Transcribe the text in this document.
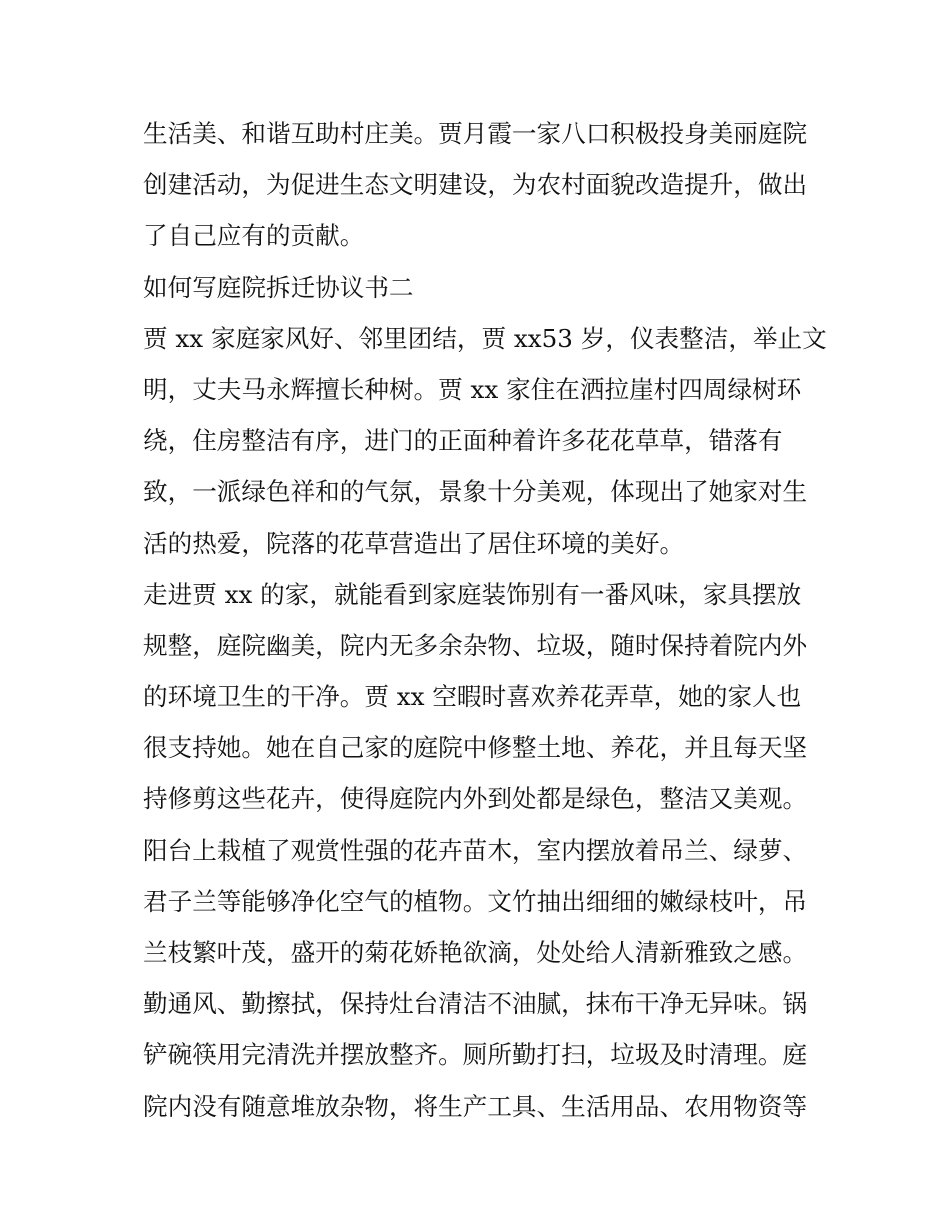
生活美、和谐互助村庄美。贾月霞一家八口积极投身美丽庭院
创建活动，为促进生态文明建设，为农村面貌改造提升，做出
了自己应有的贡献。
如何写庭院拆迁协议书二
贾 xx 家庭家风好、邻里团结，贾 xx53 岁，仪表整洁，举止文
明，丈夫马永辉擅长种树。贾 xx 家住在洒拉崖村四周绿树环
绕，住房整洁有序，进门的正面种着许多花花草草，错落有
致，一派绿色祥和的气氛，景象十分美观，体现出了她家对生
活的热爱，院落的花草营造出了居住环境的美好。
走进贾 xx 的家，就能看到家庭装饰别有一番风味，家具摆放
规整，庭院幽美，院内无多余杂物、垃圾，随时保持着院内外
的环境卫生的干净。贾 xx 空暇时喜欢养花弄草，她的家人也
很支持她。她在自己家的庭院中修整土地、养花，并且每天坚
持修剪这些花卉，使得庭院内外到处都是绿色，整洁又美观。
阳台上栽植了观赏性强的花卉苗木，室内摆放着吊兰、绿萝、
君子兰等能够净化空气的植物。文竹抽出细细的嫩绿枝叶，吊
兰枝繁叶茂，盛开的菊花娇艳欲滴，处处给人清新雅致之感。
勤通风、勤擦拭，保持灶台清洁不油腻，抹布干净无异味。锅
铲碗筷用完清洗并摆放整齐。厕所勤打扫，垃圾及时清理。庭
院内没有随意堆放杂物，将生产工具、生活用品、农用物资等
